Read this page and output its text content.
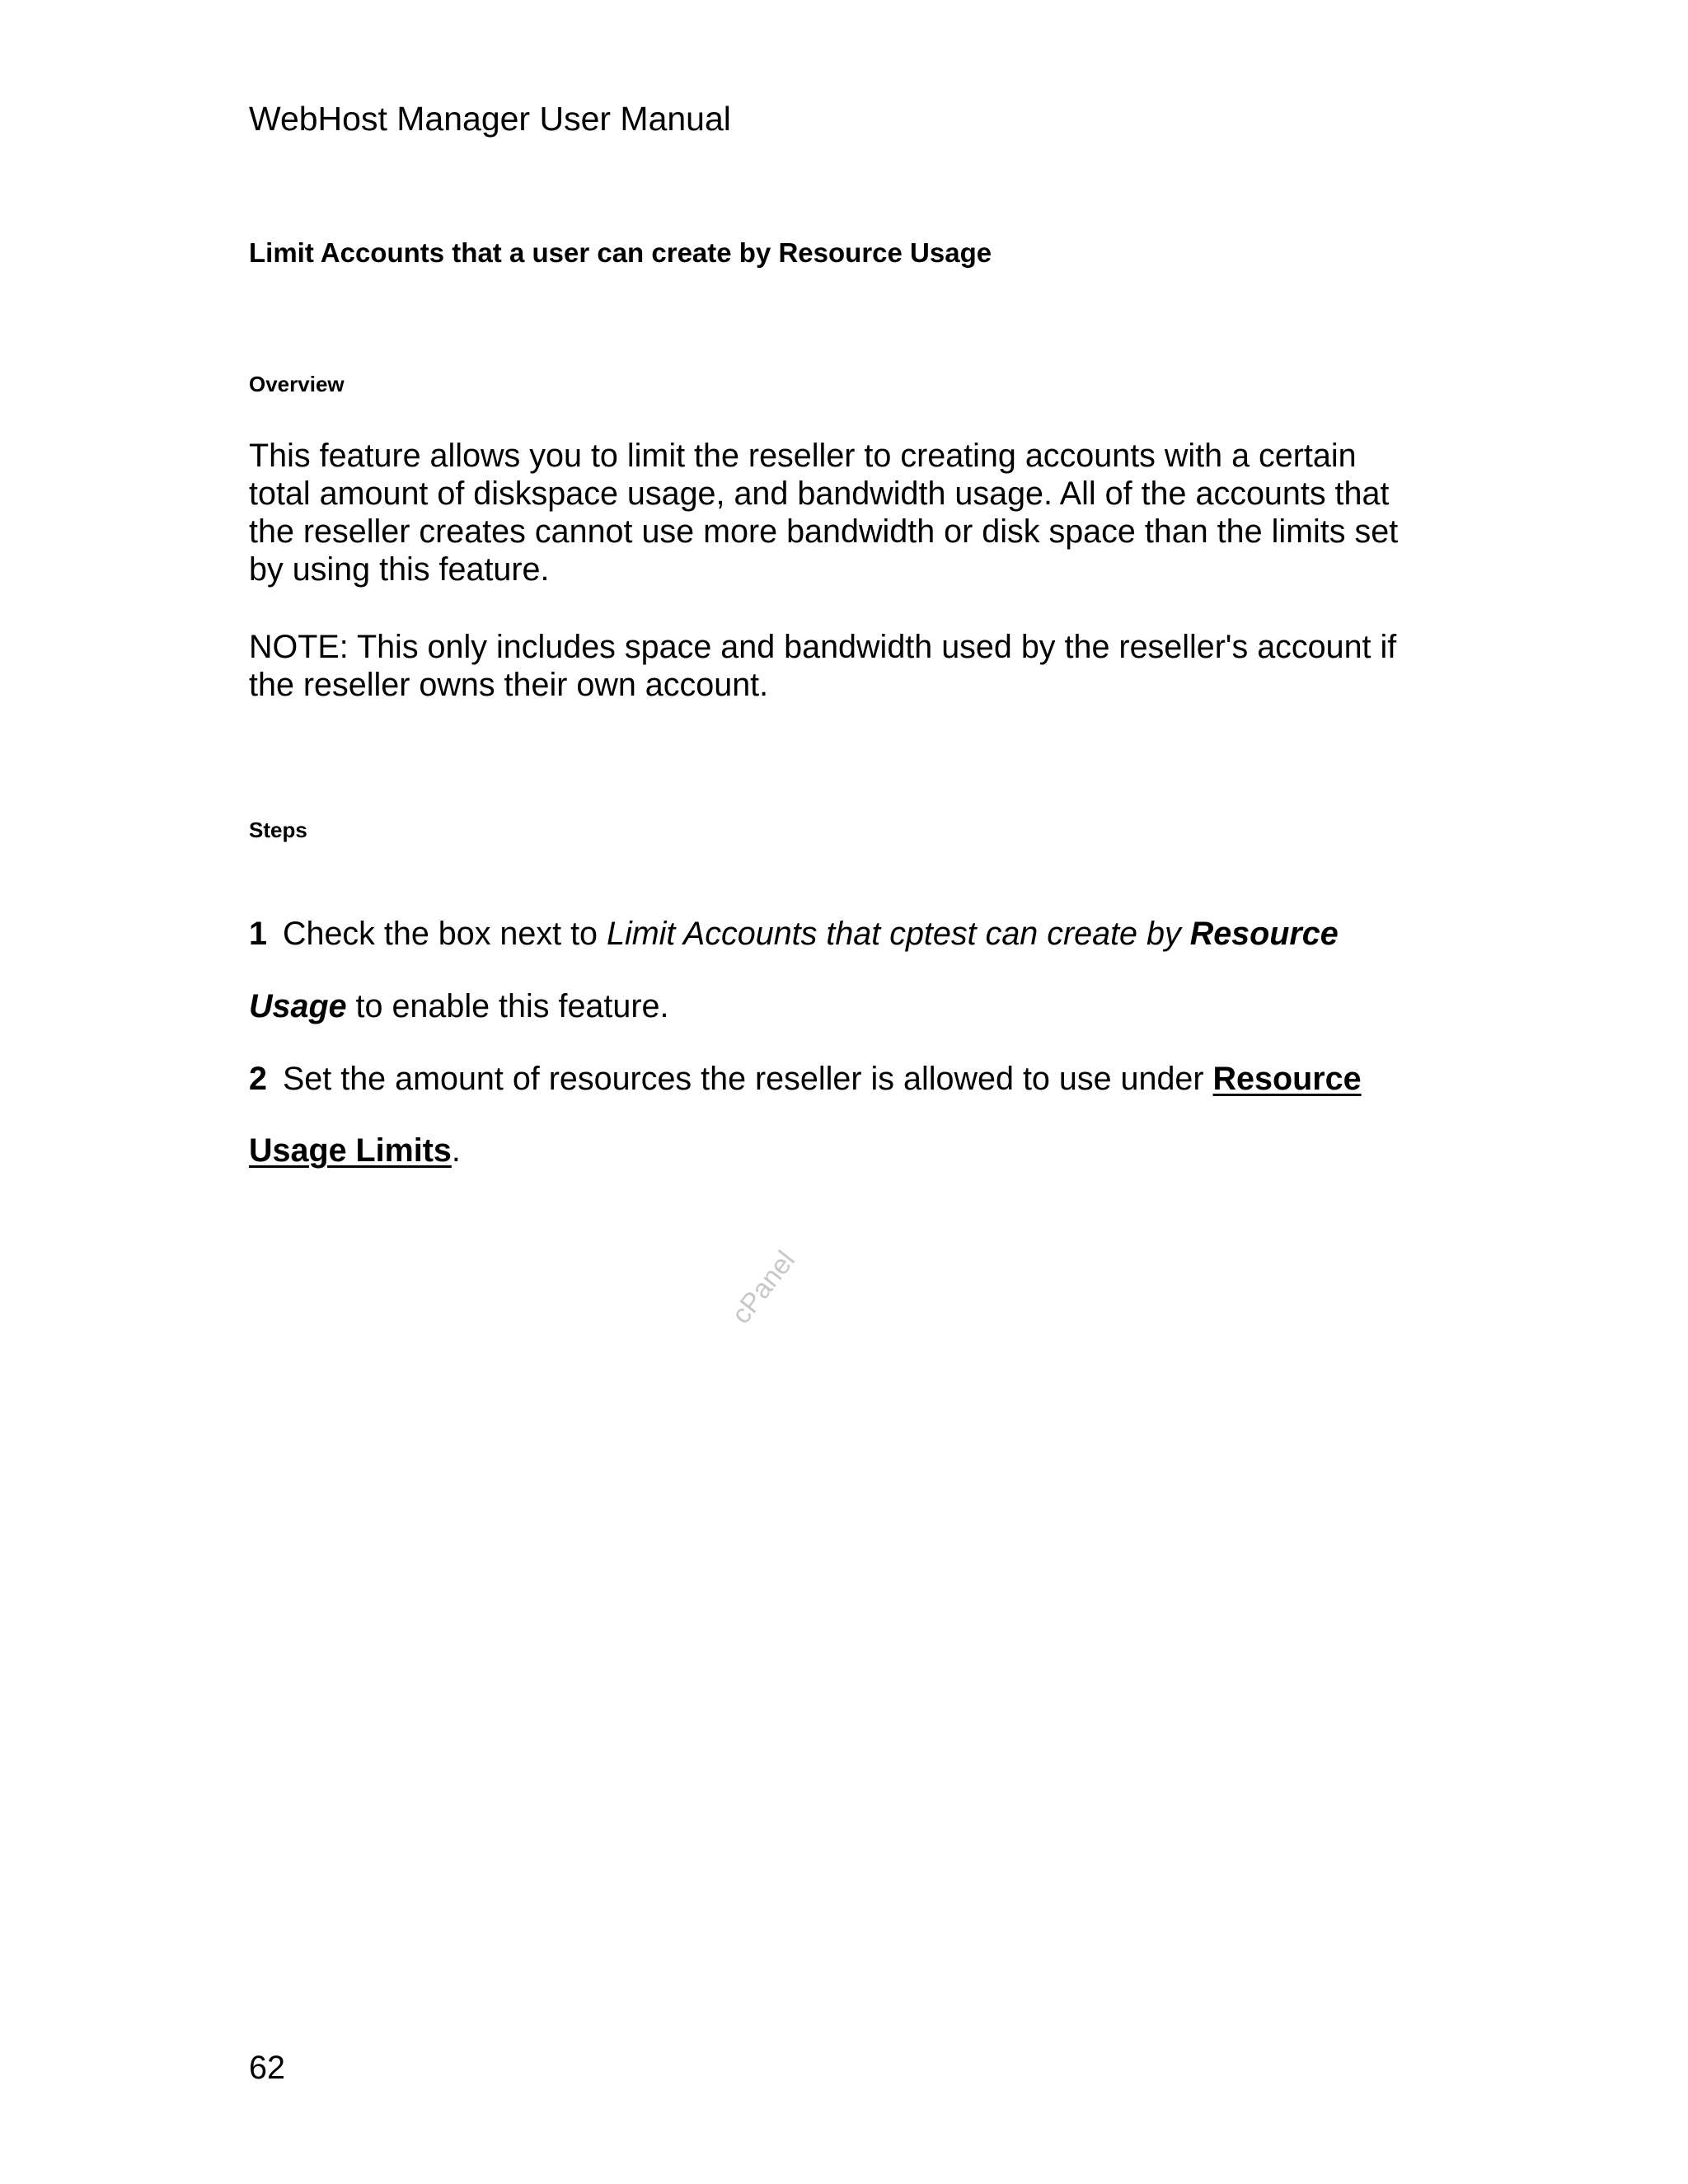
WebHost Manager User Manual
Limit Accounts that a user can create by Resource Usage
Overview
This feature allows you to limit the reseller to creating accounts with a certain
total amount of diskspace usage, and bandwidth usage. All of the accounts that
the reseller creates cannot use more bandwidth or disk space than the limits set
by using this feature.
NOTE: This only includes space and bandwidth used by the reseller's account if
the reseller owns their own account.
Steps
1 Check the box next to Limit Accounts that cptest can create by Resource
Usage to enable this feature.
2 Set the amount of resources the reseller is allowed to use under Resource
Usage Limits.
cPanel
62
